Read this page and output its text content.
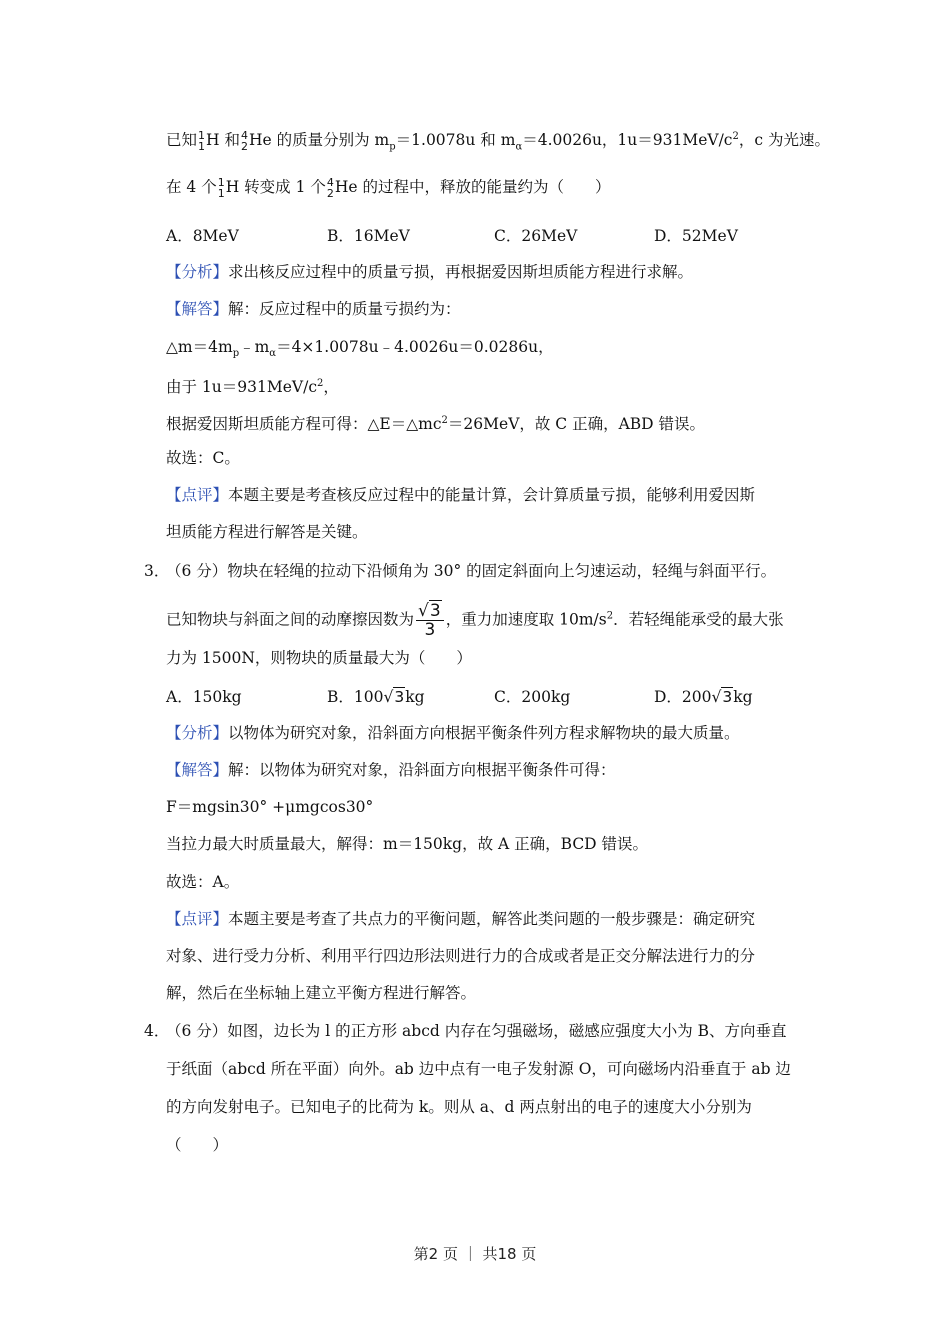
已知 1
1 H 和 4
2 He 的质量分别为 $m_p=1.0078u$ 和 $m_\alpha=4.0026u$，$1u=931MeV/c^2$，c 为光速。
在 4 个 1
1 H 转变成 1 个 4
2 He 的过程中，释放的能量约为（　　）
A．8MeV	B．16MeV	C．26MeV	D．52MeV
【分析】求出核反应过程中的质量亏损，再根据爱因斯坦质能方程进行求解。
【解答】解：反应过程中的质量亏损约为：
$\triangle m=4m_p﹣m_\alpha=4\times 1.0078u﹣4.0026u=0.0286u$，
由于 $1u=931MeV/c^2$，
根据爱因斯坦质能方程可得：$\triangle E=\triangle mc^2=26MeV$，故 C 正确，ABD 错误。
故选：C。
【点评】本题主要是考查核反应过程中的能量计算，会计算质量亏损，能够利用爱因斯
坦质能方程进行解答是关键。
3．
（6 分）物块在轻绳的拉动下沿倾角为 30° 的固定斜面向上匀速运动，轻绳与斜面平行。
已知物块与斜面之间的动摩擦因数为 $\frac{√3}{3}$ ，重力加速度取 $10m/s^2$．若轻绳能承受的最大张
力为 1500N，则物块的质量最大为（　　）
A．150kg	B．100√3kg	C．200kg	D．200√3kg
【分析】以物体为研究对象，沿斜面方向根据平衡条件列方程求解物块的最大质量。
【解答】解：以物体为研究对象，沿斜面方向根据平衡条件可得：
F＝mgsin30° +μmgcos30°
当拉力最大时质量最大，解得：m＝150kg，故 A 正确，BCD 错误。
故选：A。
【点评】本题主要是考查了共点力的平衡问题，解答此类问题的一般步骤是：确定研究
对象、进行受力分析、利用平行四边形法则进行力的合成或者是正交分解法进行力的分
解，然后在坐标轴上建立平衡方程进行解答。
4．
（6 分）如图，边长为 l 的正方形 abcd 内存在匀强磁场，磁感应强度大小为 B、方向垂直
于纸面（abcd 所在平面）向外。ab 边中点有一电子发射源 O，可向磁场内沿垂直于 ab 边
的方向发射电子。已知电子的比荷为 k。则从 a、d 两点射出的电子的速度大小分别为
（　　）
第2 页 ｜ 共18 页
